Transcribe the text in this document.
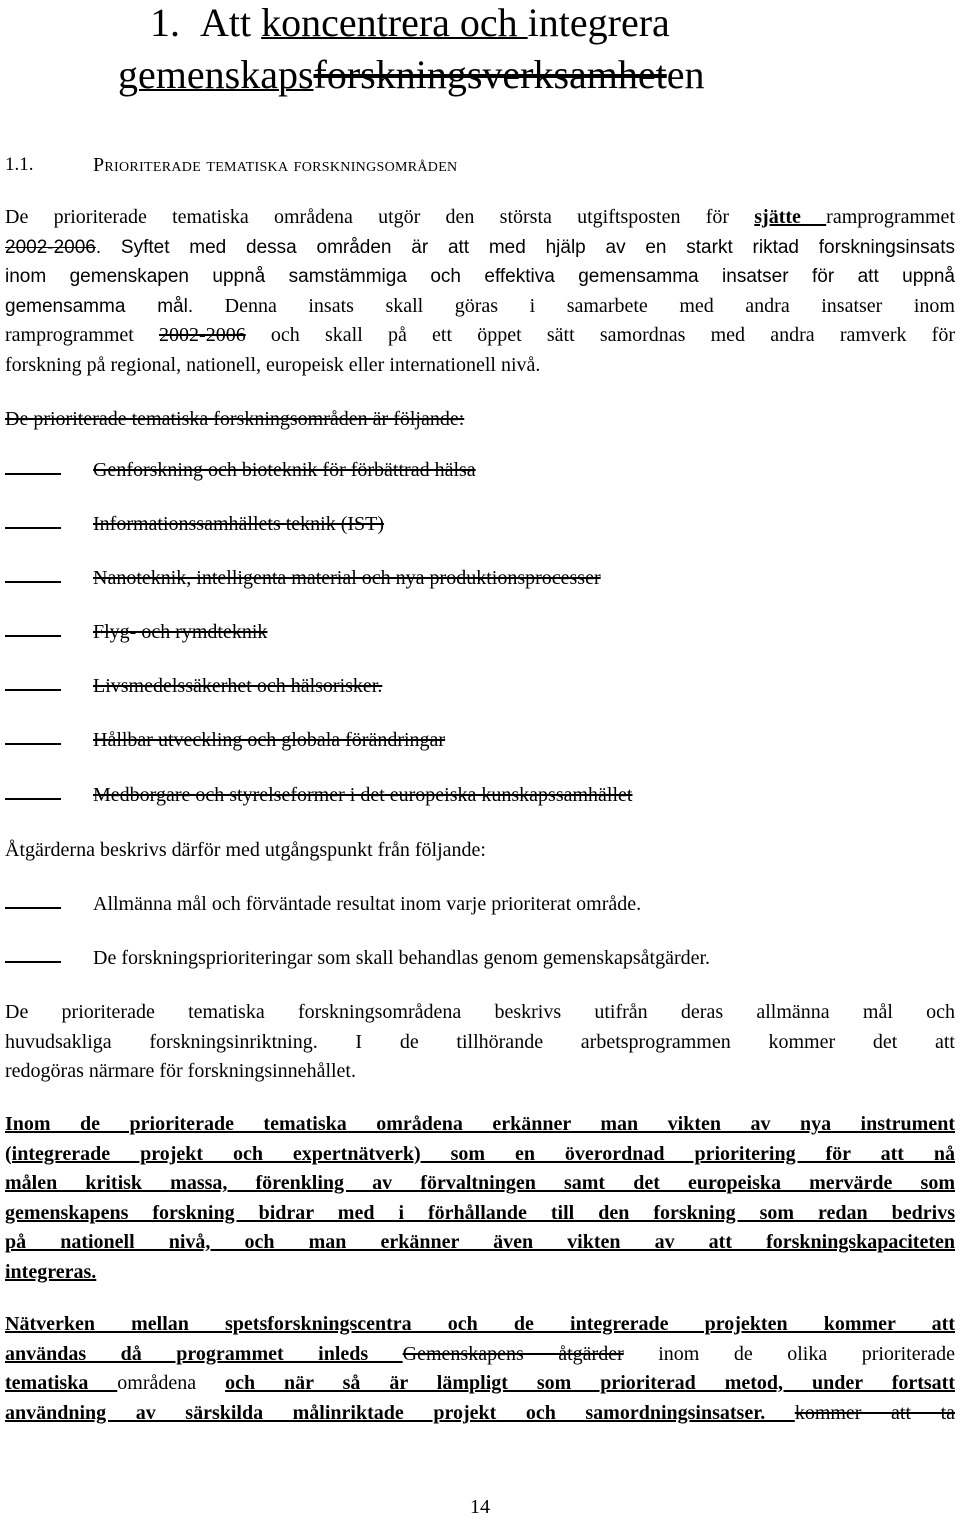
1. Att koncentrera och integrera
gemenskapsforskningsverksamheten
1.1.	Prioriterade tematiska forskningsområden
De prioriterade tematiska områdena utgör den största utgiftsposten för sjätte ramprogrammet
2002-2006. Syftet med dessa områden är att med hjälp av en starkt riktad forskningsinsats
inom gemenskapen uppnå samstämmiga och effektiva gemensamma insatser för att uppnå
gemensamma mål. Denna insats skall göras i samarbete med andra insatser inom
ramprogrammet 2002-2006 och skall på ett öppet sätt samordnas med andra ramverk för
forskning på regional, nationell, europeisk eller internationell nivå.
De prioriterade tematiska forskningsområden är följande:
Genforskning och bioteknik för förbättrad hälsa
Informationssamhällets teknik (IST)
Nanoteknik, intelligenta material och nya produktionsprocesser
Flyg- och rymdteknik
Livsmedelssäkerhet och hälsorisker.
Hållbar utveckling och globala förändringar
Medborgare och styrelseformer i det europeiska kunskapssamhället
Åtgärderna beskrivs därför med utgångspunkt från följande:
Allmänna mål och förväntade resultat inom varje prioriterat område.
De forskningsprioriteringar som skall behandlas genom gemenskapsåtgärder.
De prioriterade tematiska forskningsområdena beskrivs utifrån deras allmänna mål och
huvudsakliga forskningsinriktning. I de tillhörande arbetsprogrammen kommer det att
redogöras närmare för forskningsinnehållet.
Inom de prioriterade tematiska områdena erkänner man vikten av nya instrument
(integrerade projekt och expertnätverk) som en överordnad prioritering för att nå
målen kritisk massa, förenkling av förvaltningen samt det europeiska mervärde som
gemenskapens forskning bidrar med i förhållande till den forskning som redan bedrivs
på nationell nivå, och man erkänner även vikten av att forskningskapaciteten
integreras.
Nätverken mellan spetsforskningscentra och de integrerade projekten kommer att
användas då programmet inleds Gemenskapens åtgärder inom de olika prioriterade
tematiska områdena och när så är lämpligt som prioriterad metod, under fortsatt
användning av särskilda målinriktade projekt och samordningsinsatser. kommer att ta
14
